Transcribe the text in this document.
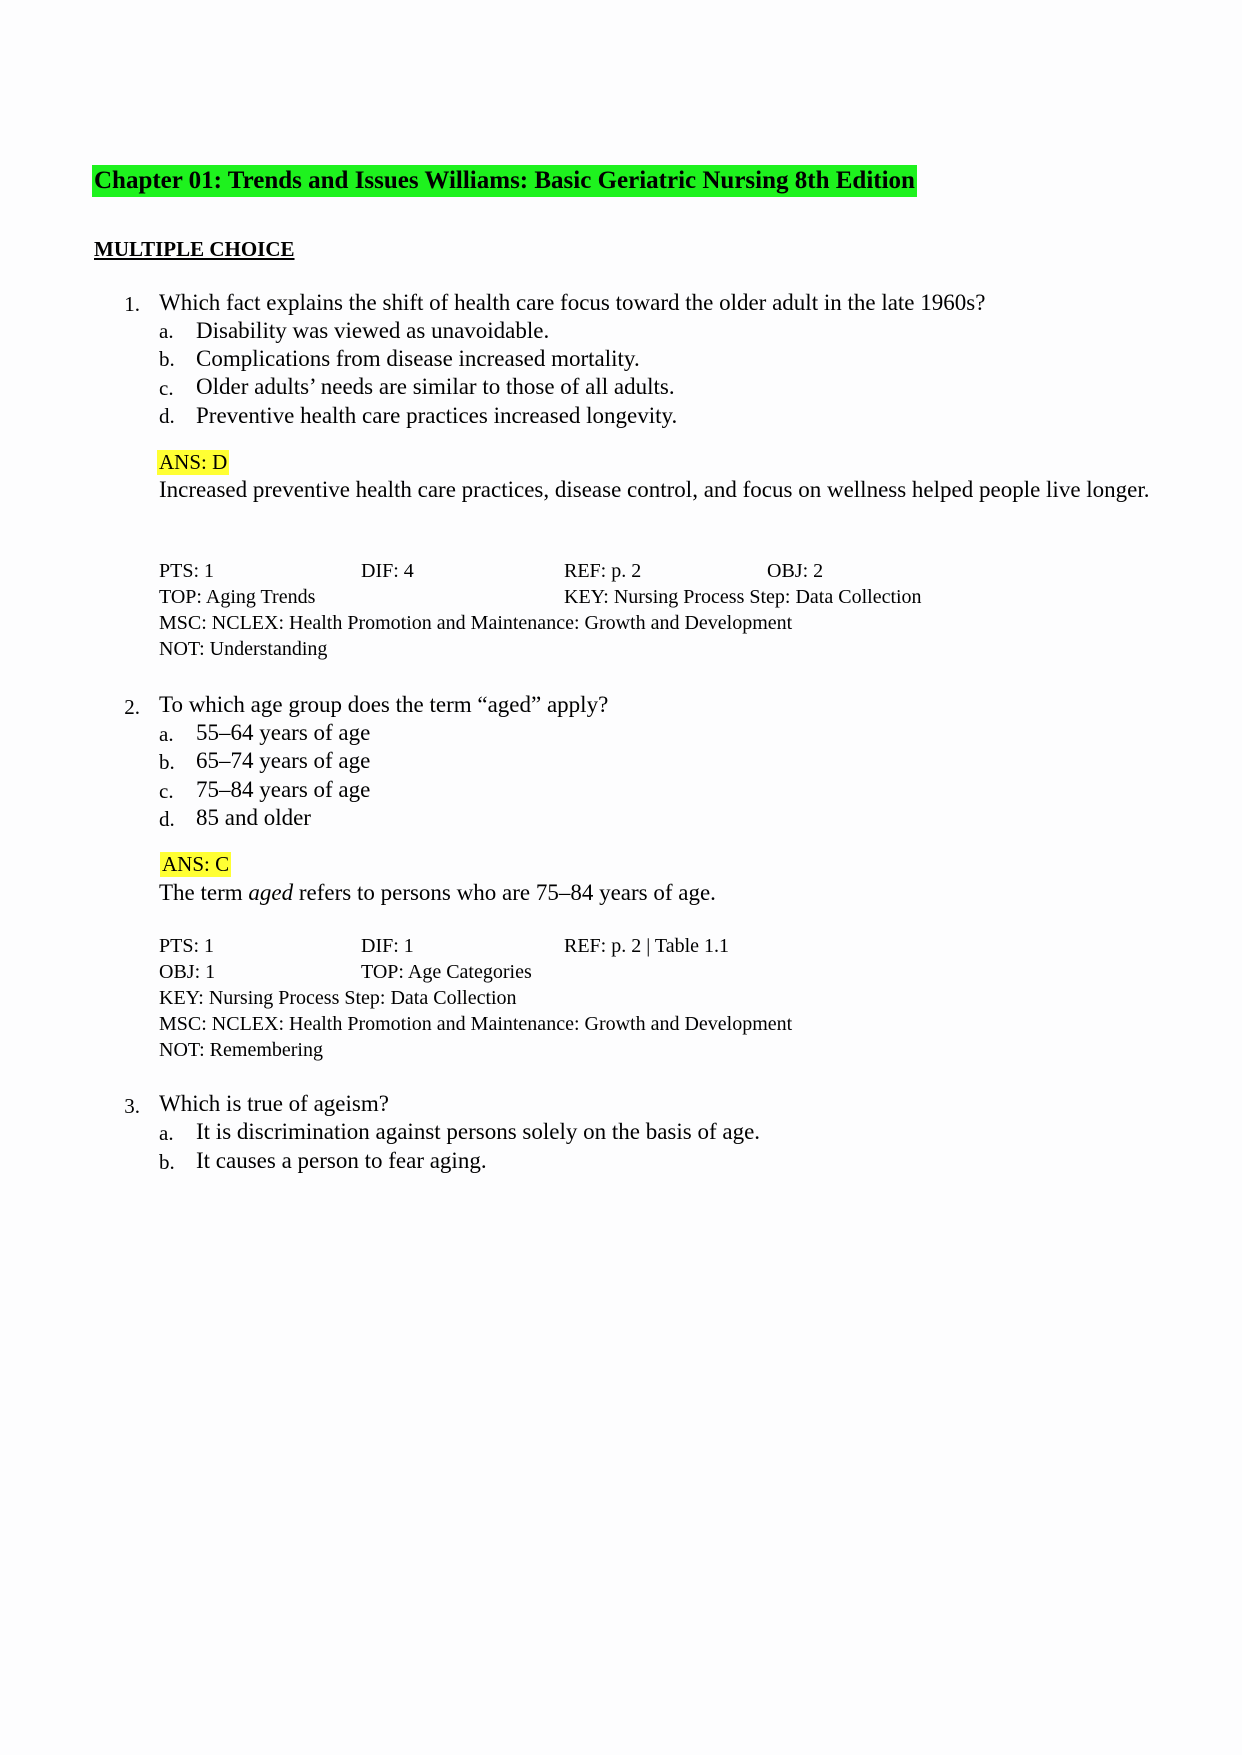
Chapter 01: Trends and Issues Williams: Basic Geriatric Nursing 8th Edition
MULTIPLE CHOICE
1. Which fact explains the shift of health care focus toward the older adult in the late 1960s?
a. Disability was viewed as unavoidable.
b. Complications from disease increased mortality.
c. Older adults’ needs are similar to those of all adults.
d. Preventive health care practices increased longevity.
ANS: D
Increased preventive health care practices, disease control, and focus on wellness helped people live longer.
PTS: 1	DIF: 4	REF: p. 2	OBJ: 2
TOP: Aging Trends	KEY: Nursing Process Step: Data Collection
MSC: NCLEX: Health Promotion and Maintenance: Growth and Development
NOT: Understanding
2. To which age group does the term “aged” apply?
a. 55–64 years of age
b. 65–74 years of age
c. 75–84 years of age
d. 85 and older
ANS: C
The term aged refers to persons who are 75–84 years of age.
PTS: 1	DIF: 1	REF: p. 2 | Table 1.1
OBJ: 1	TOP: Age Categories
KEY: Nursing Process Step: Data Collection
MSC: NCLEX: Health Promotion and Maintenance: Growth and Development
NOT: Remembering
3. Which is true of ageism?
a. It is discrimination against persons solely on the basis of age.
b. It causes a person to fear aging.
